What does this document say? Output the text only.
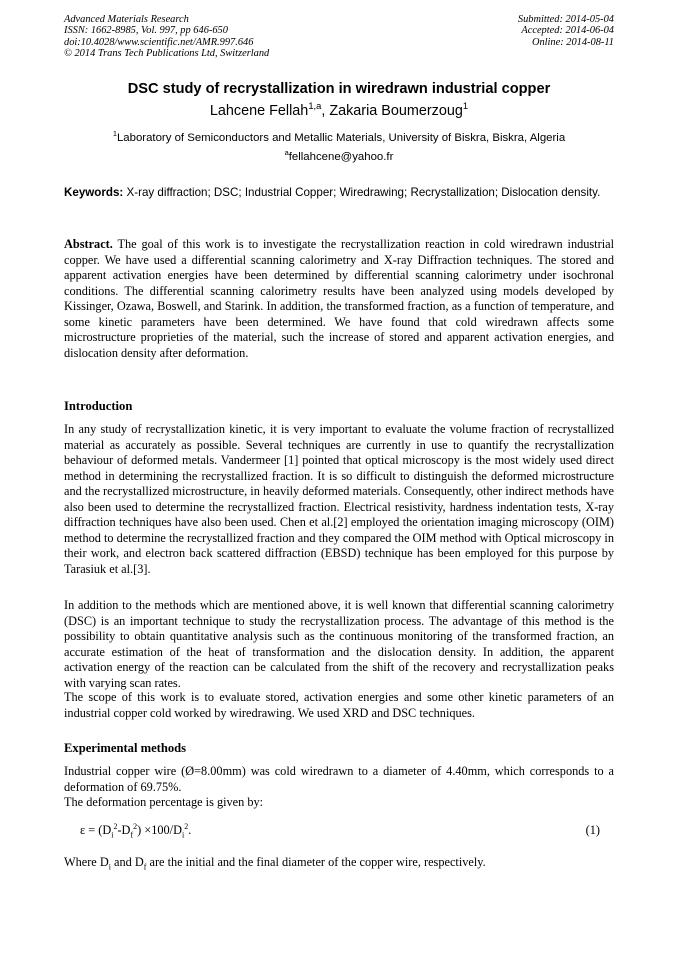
Advanced Materials Research
ISSN: 1662-8985, Vol. 997, pp 646-650
doi:10.4028/www.scientific.net/AMR.997.646
© 2014 Trans Tech Publications Ltd, Switzerland
Submitted: 2014-05-04
Accepted: 2014-06-04
Online: 2014-08-11
DSC study of recrystallization in wiredrawn industrial copper
Lahcene Fellah$^{1,a}$, Zakaria Boumerzoug$^1$
$^1$Laboratory of Semiconductors and Metallic Materials, University of Biskra, Biskra, Algeria
$^a$fellahcene@yahoo.fr
Keywords: X-ray diffraction; DSC; Industrial Copper; Wiredrawing; Recrystallization; Dislocation density.
Abstract. The goal of this work is to investigate the recrystallization reaction in cold wiredrawn industrial copper. We have used a differential scanning calorimetry and X-ray Diffraction techniques. The stored and apparent activation energies have been determined by differential scanning calorimetry under isochronal conditions. The differential scanning calorimetry results have been analyzed using models developed by Kissinger, Ozawa, Boswell, and Starink. In addition, the transformed fraction, as a function of temperature, and some kinetic parameters have been determined. We have found that cold wiredrawn affects some microstructure proprieties of the material, such the increase of stored and apparent activation energies, and dislocation density after deformation.
Introduction
In any study of recrystallization kinetic, it is very important to evaluate the volume fraction of recrystallized material as accurately as possible. Several techniques are currently in use to quantify the recrystallization behaviour of deformed metals. Vandermeer [1] pointed that optical microscopy is the most widely used direct method in determining the recrystallized fraction. It is so difficult to distinguish the deformed microstructure and the recrystallized microstructure, in heavily deformed materials. Consequently, other indirect methods have also been used to determine the recrystallized fraction. Electrical resistivity, hardness indentation tests, X-ray diffraction techniques have also been used. Chen et al.[2] employed the orientation imaging microscopy (OIM) method to determine the recrystallized fraction and they compared the OIM method with Optical microscopy in their work, and electron back scattered diffraction (EBSD) technique has been employed for this purpose by Tarasiuk et al.[3].
In addition to the methods which are mentioned above, it is well known that differential scanning calorimetry (DSC) is an important technique to study the recrystallization process. The advantage of this method is the possibility to obtain quantitative analysis such as the continuous monitoring of the transformed fraction, an accurate estimation of the heat of transformation and the dislocation density. In addition, the apparent activation energy of the reaction can be calculated from the shift of the recovery and recrystallization peaks with varying scan rates.
The scope of this work is to evaluate stored, activation energies and some other kinetic parameters of an industrial copper cold worked by wiredrawing. We used XRD and DSC techniques.
Experimental methods
Industrial copper wire (Ø=8.00mm) was cold wiredrawn to a diameter of 4.40mm, which corresponds to a deformation of 69.75%.
The deformation percentage is given by:
$\varepsilon = (D_i^2-D_f^2) \times 100/D_i^2$.	(1)
Where $D_i$ and $D_f$ are the initial and the final diameter of the copper wire, respectively.
